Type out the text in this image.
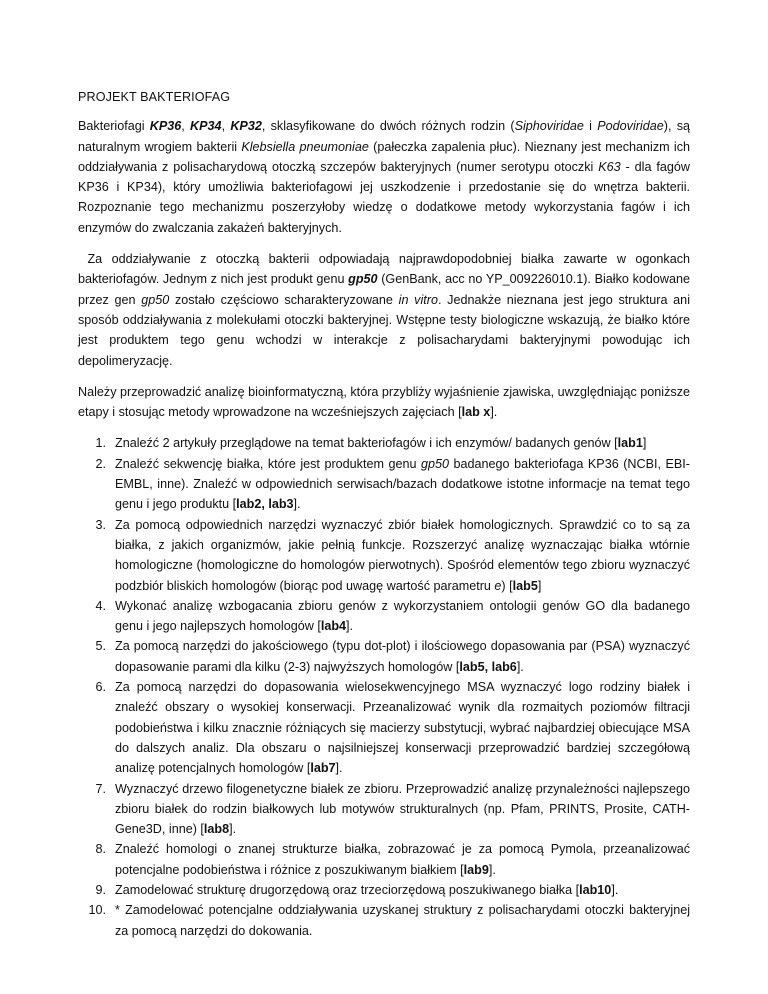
PROJEKT BAKTERIOFAG

Bakteriofagi KP36, KP34, KP32, sklasyfikowane do dwóch różnych rodzin (Siphoviridae i Podoviridae), są naturalnym wrogiem bakterii Klebsiella pneumoniae (pałeczka zapalenia płuc). Nieznany jest mechanizm ich oddziaływania z polisacharydową otoczką szczepów bakteryjnych (numer serotypu otoczki K63 - dla fagów KP36 i KP34), który umożliwia bakteriofagowi jej uszkodzenie i przedostanie się do wnętrza bakterii. Rozpoznanie tego mechanizmu poszerzyłoby wiedzę o dodatkowe metody wykorzystania fagów i ich enzymów do zwalczania zakażeń bakteryjnych.

Za oddziaływanie z otoczką bakterii odpowiadają najprawdopodobniej białka zawarte w ogonkach bakteriofagów. Jednym z nich jest produkt genu gp50 (GenBank, acc no YP_009226010.1). Białko kodowane przez gen gp50 zostało częściowo scharakteryzowane in vitro. Jednakże nieznana jest jego struktura ani sposób oddziaływania z molekułami otoczki bakteryjnej. Wstępne testy biologiczne wskazują, że białko które jest produktem tego genu wchodzi w interakcje z polisacharydami bakteryjnymi powodując ich depolimeryzację.

Należy przeprowadzić analizę bioinformatyczną, która przybliży wyjaśnienie zjawiska, uwzględniając poniższe etapy i stosując metody wprowadzone na wcześniejszych zajęciach [lab x].

1. Znaleźć 2 artykuły przeglądowe na temat bakteriofagów i ich enzymów/ badanych genów [lab1]
2. Znaleźć sekwencję białka, które jest produktem genu gp50 badanego bakteriofaga KP36 (NCBI, EBI-EMBL, inne). Znaleźć w odpowiednich serwisach/bazach dodatkowe istotne informacje na temat tego genu i jego produktu [lab2, lab3].
3. Za pomocą odpowiednich narzędzi wyznaczyć zbiór białek homologicznych. Sprawdzić co to są za białka, z jakich organizmów, jakie pełnią funkcje. Rozszerzyć analizę wyznaczając białka wtórnie homologiczne (homologiczne do homologów pierwotnych). Spośród elementów tego zbioru wyznaczyć podzbiór bliskich homologów (biorąc pod uwagę wartość parametru e) [lab5]
4. Wykonać analizę wzbogacania zbioru genów z wykorzystaniem ontologii genów GO dla badanego genu i jego najlepszych homologów [lab4].
5. Za pomocą narzędzi do jakościowego (typu dot-plot) i ilościowego dopasowania par (PSA) wyznaczyć dopasowanie parami dla kilku (2-3) najwyższych homologów [lab5, lab6].
6. Za pomocą narzędzi do dopasowania wielosekwencyjnego MSA wyznaczyć logo rodziny białek i znaleźć obszary o wysokiej konserwacji. Przeanalizować wynik dla rozmaitych poziomów filtracji podobieństwa i kilku znacznie różniących się macierzy substytucji, wybrać najbardziej obiecujące MSA do dalszych analiz. Dla obszaru o najsilniejszej konserwacji przeprowadzić bardziej szczegółową analizę potencjalnych homologów [lab7].
7. Wyznaczyć drzewo filogenetyczne białek ze zbioru. Przeprowadzić analizę przynależności najlepszego zbioru białek do rodzin białkowych lub motywów strukturalnych (np. Pfam, PRINTS, Prosite, CATH-Gene3D, inne) [lab8].
8. Znaleźć homologi o znanej strukturze białka, zobrazować je za pomocą Pymola, przeanalizować potencjalne podobieństwa i różnice z poszukiwanym białkiem [lab9].
9. Zamodelować strukturę drugorzędową oraz trzeciorzędową poszukiwanego białka [lab10].
10. * Zamodelować potencjalne oddziaływania uzyskanej struktury z polisacharydami otoczki bakteryjnej za pomocą narzędzi do dokowania.
